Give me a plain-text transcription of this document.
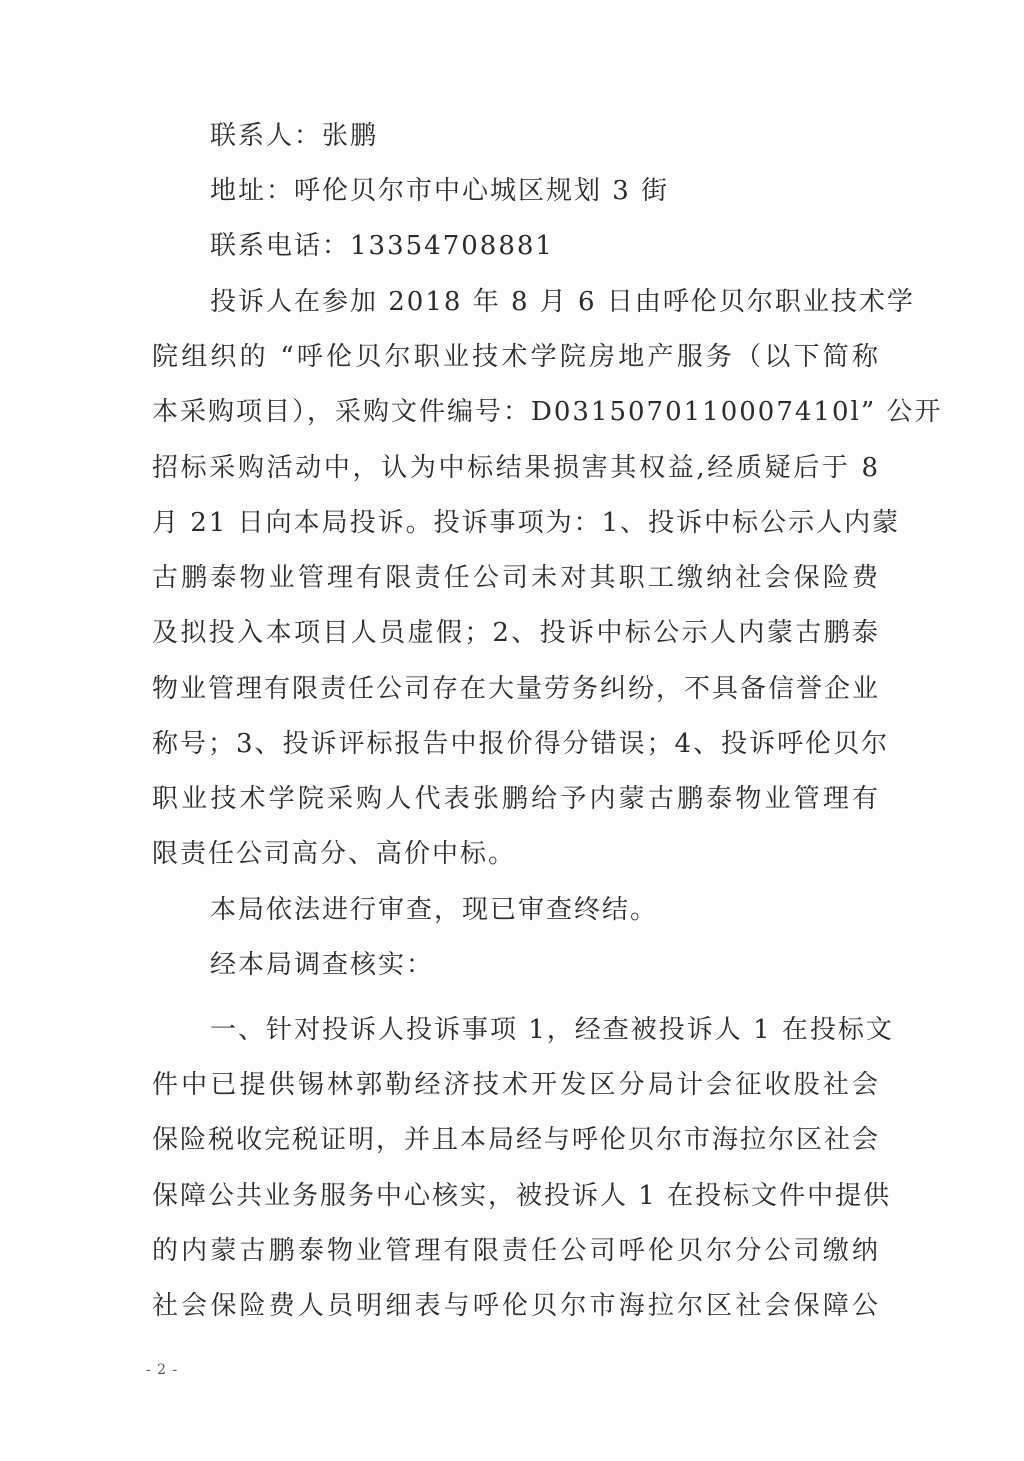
联系人：张鹏
地址：呼伦贝尔市中心城区规划 3 街
联系电话：13354708881
投诉人在参加 2018 年 8 月 6 日由呼伦贝尔职业技术学
院组织的 “呼伦贝尔职业技术学院房地产服务（以下简称
本采购项目），采购文件编号：D0315070110007410l” 公开
招标采购活动中，认为中标结果损害其权益,经质疑后于 8
月 21 日向本局投诉。投诉事项为：1、投诉中标公示人内蒙
古鹏泰物业管理有限责任公司未对其职工缴纳社会保险费
及拟投入本项目人员虚假；2、投诉中标公示人内蒙古鹏泰
物业管理有限责任公司存在大量劳务纠纷，不具备信誉企业
称号；3、投诉评标报告中报价得分错误；4、投诉呼伦贝尔
职业技术学院采购人代表张鹏给予内蒙古鹏泰物业管理有
限责任公司高分、高价中标。
本局依法进行审查，现已审查终结。
经本局调查核实：
一、针对投诉人投诉事项 1，经查被投诉人 1 在投标文
件中已提供锡林郭勒经济技术开发区分局计会征收股社会
保险税收完税证明，并且本局经与呼伦贝尔市海拉尔区社会
保障公共业务服务中心核实，被投诉人 1 在投标文件中提供
的内蒙古鹏泰物业管理有限责任公司呼伦贝尔分公司缴纳
社会保险费人员明细表与呼伦贝尔市海拉尔区社会保障公
- 2 -
